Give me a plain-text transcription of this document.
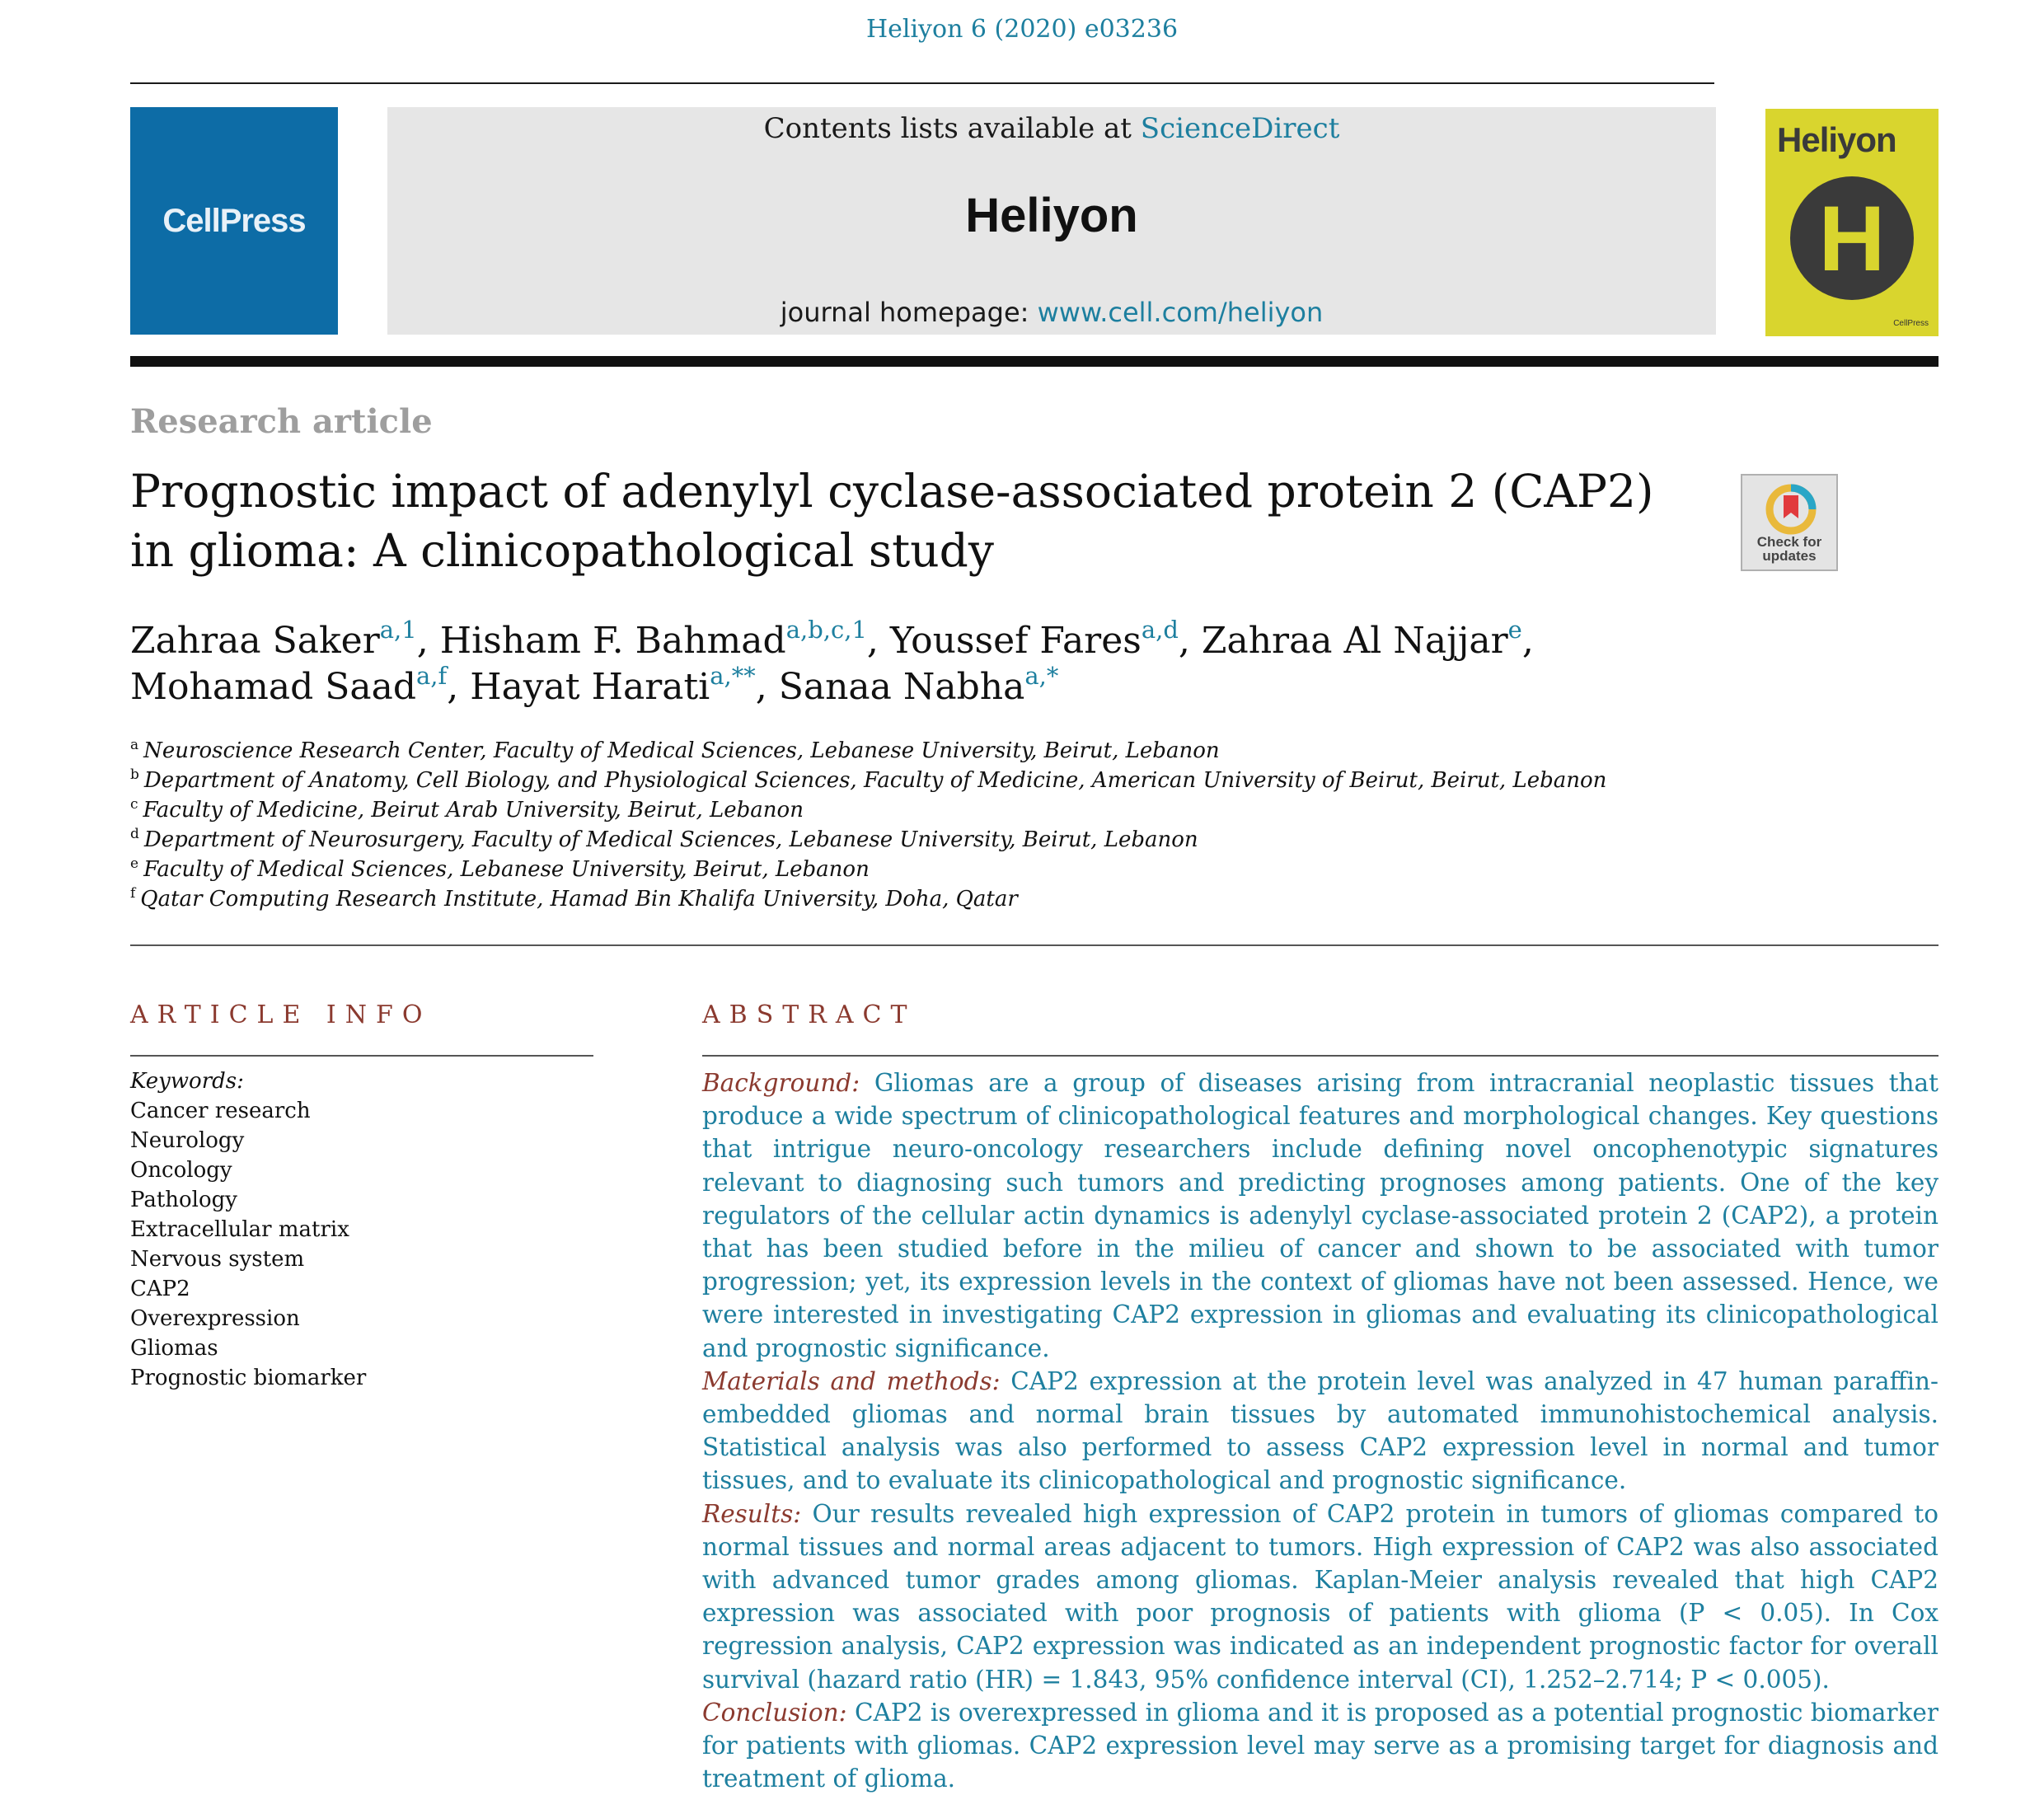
Heliyon 6 (2020) e03236
CellPress
Contents lists available at ScienceDirect
Heliyon
journal homepage: www.cell.com/heliyon
Heliyon
H
CellPress
Research article
Prognostic impact of adenylyl cyclase-associated protein 2 (CAP2) in glioma: A clinicopathological study	Check for
updates
Zahraa Saker$^{a,1}$, Hisham F. Bahmad$^{a,b,c,1}$, Youssef Fares$^{a,d}$, Zahraa Al Najjar$^e$,
Mohamad Saad$^{a,f}$, Hayat Harati$^{a,**}$, Sanaa Nabha$^{a,*}$
$^a$ Neuroscience Research Center, Faculty of Medical Sciences, Lebanese University, Beirut, Lebanon
$^b$ Department of Anatomy, Cell Biology, and Physiological Sciences, Faculty of Medicine, American University of Beirut, Beirut, Lebanon
$^c$ Faculty of Medicine, Beirut Arab University, Beirut, Lebanon
$^d$ Department of Neurosurgery, Faculty of Medical Sciences, Lebanese University, Beirut, Lebanon
$^e$ Faculty of Medical Sciences, Lebanese University, Beirut, Lebanon
$^f$ Qatar Computing Research Institute, Hamad Bin Khalifa University, Doha, Qatar
ARTICLE INFO	ABSTRACT
Keywords:
Cancer research
Neurology
Oncology
Pathology
Extracellular matrix
Nervous system
CAP2
Overexpression
Gliomas
Prognostic biomarker

Background: Gliomas are a group of diseases arising from intracranial neoplastic tissues that produce a wide spectrum of clinicopathological features and morphological changes. Key questions that intrigue neuro-oncology researchers include defining novel oncophenotypic signatures relevant to diagnosing such tumors and predicting prognoses among patients. One of the key regulators of the cellular actin dynamics is adenylyl cyclase-associated protein 2 (CAP2), a protein that has been studied before in the milieu of cancer and shown to be associated with tumor progression; yet, its expression levels in the context of gliomas have not been assessed. Hence, we were interested in investigating CAP2 expression in gliomas and evaluating its clinicopathological and prognostic significance.

Materials and methods: CAP2 expression at the protein level was analyzed in 47 human paraffin-embedded gliomas and normal brain tissues by automated immunohistochemical analysis. Statistical analysis was also performed to assess CAP2 expression level in normal and tumor tissues, and to evaluate its clinicopathological and prognostic significance.

Results: Our results revealed high expression of CAP2 protein in tumors of gliomas compared to normal tissues and normal areas adjacent to tumors. High expression of CAP2 was also associated with advanced tumor grades among gliomas. Kaplan-Meier analysis revealed that high CAP2 expression was associated with poor prognosis of patients with glioma (P < 0.05). In Cox regression analysis, CAP2 expression was indicated as an independent prognostic factor for overall survival (hazard ratio (HR) = 1.843, 95% confidence interval (CI), 1.252–2.714; P < 0.005).

Conclusion: CAP2 is overexpressed in glioma and it is proposed as a potential prognostic biomarker for patients with gliomas. CAP2 expression level may serve as a promising target for diagnosis and treatment of glioma.
